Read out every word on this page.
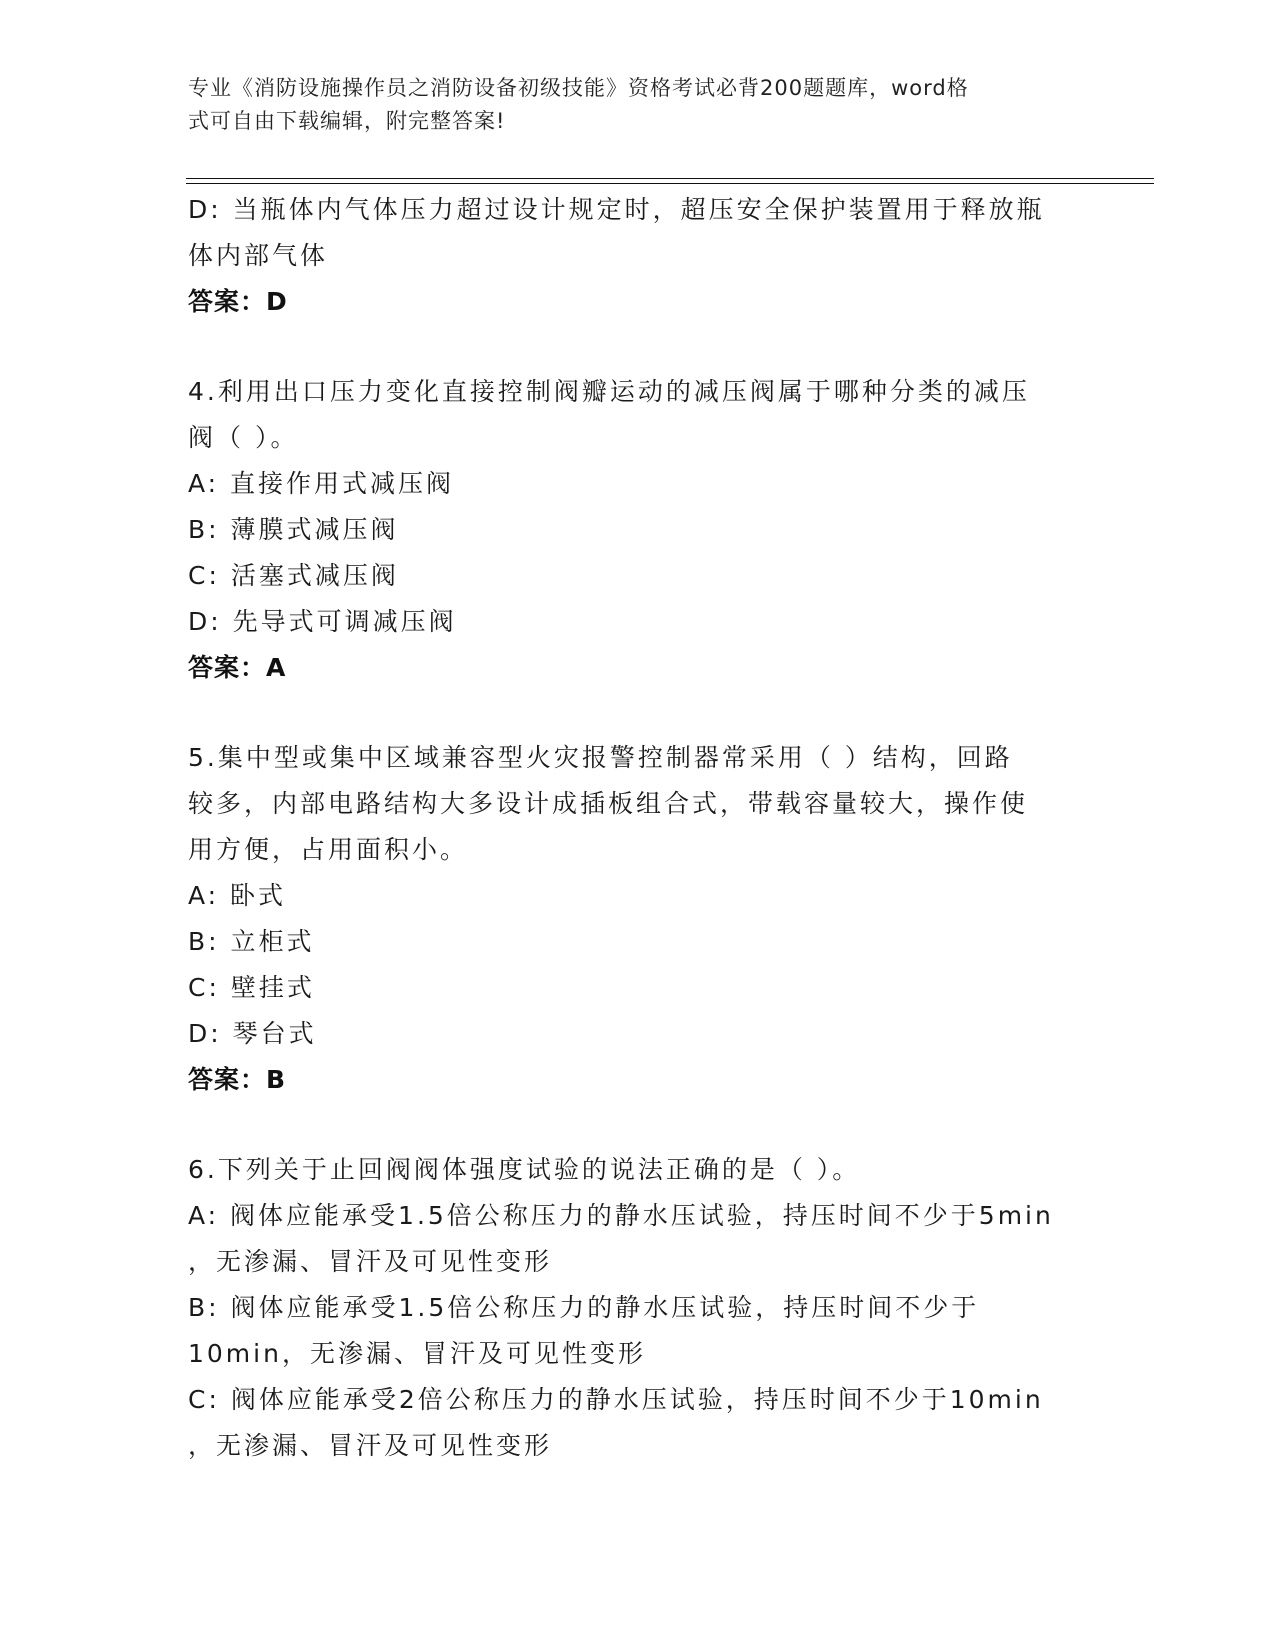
专业《消防设施操作员之消防设备初级技能》资格考试必背200题题库，word格
式可自由下载编辑，附完整答案!
D: 当瓶体内气体压力超过设计规定时，超压安全保护装置用于释放瓶
体内部气体
答案：D
4.利用出口压力变化直接控制阀瓣运动的减压阀属于哪种分类的减压
阀（ ）。
A: 直接作用式减压阀
B: 薄膜式减压阀
C: 活塞式减压阀
D: 先导式可调减压阀
答案：A
5.集中型或集中区域兼容型火灾报警控制器常采用（ ）结构，回路
较多，内部电路结构大多设计成插板组合式，带载容量较大，操作使
用方便，占用面积小。
A: 卧式
B: 立柜式
C: 壁挂式
D: 琴台式
答案：B
6.下列关于止回阀阀体强度试验的说法正确的是（ ）。
A: 阀体应能承受1.5倍公称压力的静水压试验，持压时间不少于5min
，无渗漏、冒汗及可见性变形
B: 阀体应能承受1.5倍公称压力的静水压试验，持压时间不少于
10min，无渗漏、冒汗及可见性变形
C: 阀体应能承受2倍公称压力的静水压试验，持压时间不少于10min
，无渗漏、冒汗及可见性变形
